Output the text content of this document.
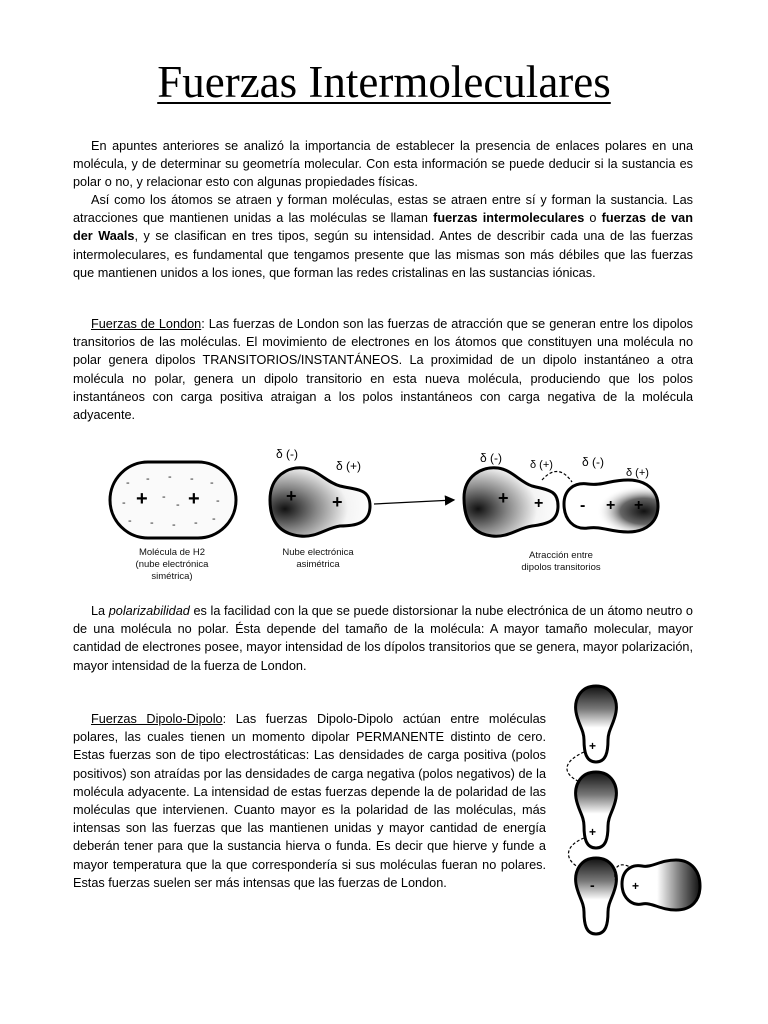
Fuerzas Intermoleculares

En apuntes anteriores se analizó la importancia de establecer la presencia de enlaces polares en una molécula, y de determinar su geometría molecular. Con esta información se puede deducir si la sustancia es polar o no, y relacionar esto con algunas propiedades físicas.

Así como los átomos se atraen y forman moléculas, estas se atraen entre sí y forman la sustancia. Las atracciones que mantienen unidas a las moléculas se llaman fuerzas intermoleculares o fuerzas de van der Waals, y se clasifican en tres tipos, según su intensidad. Antes de describir cada una de las fuerzas intermoleculares, es fundamental que tengamos presente que las mismas son más débiles que las fuerzas que mantienen unidos a los iones, que forman las redes cristalinas en las sustancias iónicas.

Fuerzas de London: Las fuerzas de London son las fuerzas de atracción que se generan entre los dipolos transitorios de las moléculas. El movimiento de electrones en los átomos que constituyen una molécula no polar genera dipolos TRANSITORIOS/INSTANTÁNEOS. La proximidad de un dipolo instantáneo a otra molécula no polar, genera un dipolo transitorio en esta nueva molécula, produciendo que los polos instantáneos con carga positiva atraigan a los polos instantáneos con carga negativa de la molécula adyacente.

- - - - -
-	-
-	-
- - - - -
+ +	+ +
δ (-)
δ (+)
+ + - + +
δ (-)	δ (+) δ (-)
δ (+)
Molécula de H2
(nube electrónica
simétrica)
Nube electrónica
asimétrica
Atracción entre
dipolos transitorios

La polarizabilidad es la facilidad con la que se puede distorsionar la nube electrónica de un átomo neutro o de una molécula no polar. Ésta depende del tamaño de la molécula: A mayor tamaño molecular, mayor cantidad de electrones posee, mayor intensidad de los dípolos transitorios que se genera, mayor polarización, mayor intensidad de la fuerza de London.

Fuerzas Dipolo-Dipolo: Las fuerzas Dipolo-Dipolo actúan entre moléculas polares, las cuales tienen un momento dipolar PERMANENTE distinto de cero. Estas fuerzas son de tipo electrostáticas: Las densidades de carga positiva (polos positivos) son atraídas por las densidades de carga negativa (polos negativos) de la molécula adyacente. La intensidad de estas fuerzas depende la de polaridad de las moléculas que intervienen. Cuanto mayor es la polaridad de las moléculas, más intensas son las fuerzas que las mantienen unidas y mayor cantidad de energía deberán tener para que la sustancia hierva o funda. Es decir que hierve y funde a mayor temperatura que la que correspondería si sus moléculas fueran no polares. Estas fuerzas suelen ser más intensas que las fuerzas de London.

+
+
-	+
